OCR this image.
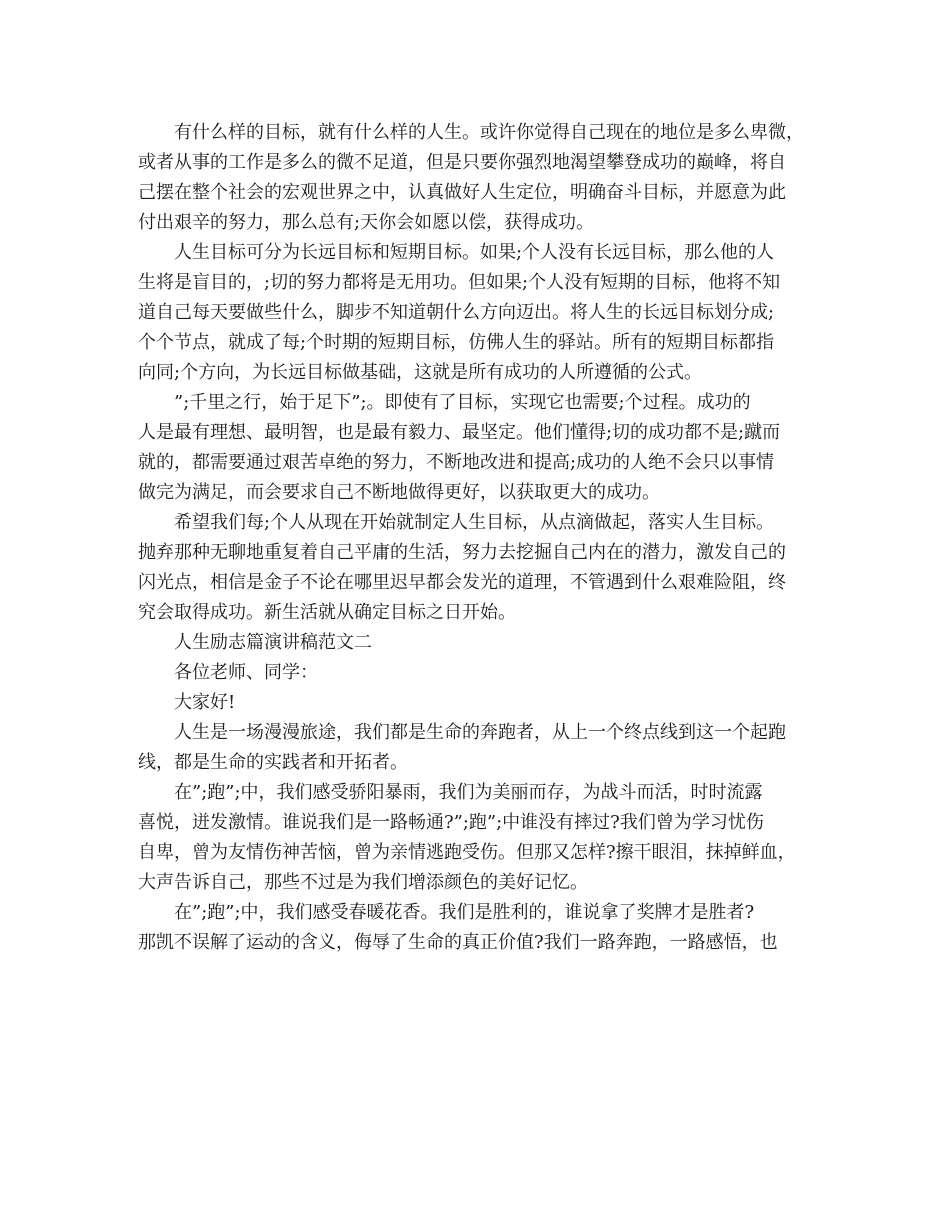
有什么样的目标，就有什么样的人生。或许你觉得自己现在的地位是多么卑微，
或者从事的工作是多么的微不足道，但是只要你强烈地渴望攀登成功的巅峰，将自
己摆在整个社会的宏观世界之中，认真做好人生定位，明确奋斗目标，并愿意为此
付出艰辛的努力，那么总有;天你会如愿以偿，获得成功。
人生目标可分为长远目标和短期目标。如果;个人没有长远目标，那么他的人
生将是盲目的，;切的努力都将是无用功。但如果;个人没有短期的目标，他将不知
道自己每天要做些什么，脚步不知道朝什么方向迈出。将人生的长远目标划分成;
个个节点，就成了每;个时期的短期目标，仿佛人生的驿站。所有的短期目标都指
向同;个方向，为长远目标做基础，这就是所有成功的人所遵循的公式。
”;千里之行，始于足下”;。即使有了目标，实现它也需要;个过程。成功的
人是最有理想、最明智，也是最有毅力、最坚定。他们懂得;切的成功都不是;蹴而
就的，都需要通过艰苦卓绝的努力，不断地改进和提高;成功的人绝不会只以事情
做完为满足，而会要求自己不断地做得更好，以获取更大的成功。
希望我们每;个人从现在开始就制定人生目标，从点滴做起，落实人生目标。
抛弃那种无聊地重复着自己平庸的生活，努力去挖掘自己内在的潜力，激发自己的
闪光点，相信是金子不论在哪里迟早都会发光的道理，不管遇到什么艰难险阻，终
究会取得成功。新生活就从确定目标之日开始。
人生励志篇演讲稿范文二
各位老师、同学：
大家好!
人生是一场漫漫旅途，我们都是生命的奔跑者，从上一个终点线到这一个起跑
线，都是生命的实践者和开拓者。
在”;跑”;中，我们感受骄阳暴雨，我们为美丽而存，为战斗而活，时时流露
喜悦，迸发激情。谁说我们是一路畅通?”;跑”;中谁没有摔过?我们曾为学习忧伤
自卑，曾为友情伤神苦恼，曾为亲情逃跑受伤。但那又怎样?擦干眼泪，抹掉鲜血，
大声告诉自己，那些不过是为我们增添颜色的美好记忆。
在”;跑”;中，我们感受春暖花香。我们是胜利的，谁说拿了奖牌才是胜者?
那凯不误解了运动的含义，侮辱了生命的真正价值?我们一路奔跑，一路感悟，也
